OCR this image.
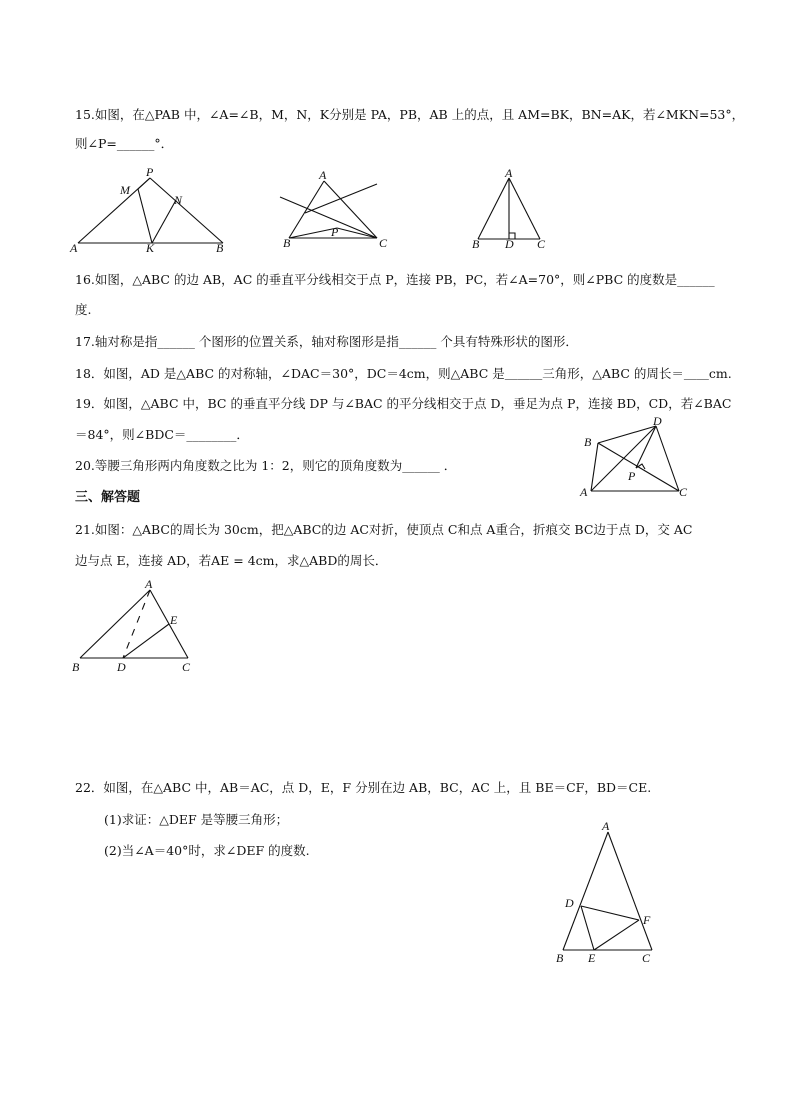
15.如图，在△PAB 中，∠A=∠B，M，N，K分别是 PA，PB，AB 上的点，且 AM=BK，BN=AK，若∠MKN=53°，
则∠P=______°．
P
M
N
A	K	B
A
B
P
C
A
B D C
16.如图，△ABC 的边 AB，AC 的垂直平分线相交于点 P，连接 PB，PC，若∠A=70°，则∠PBC 的度数是______
度.
17.轴对称是指______ 个图形的位置关系，轴对称图形是指______ 个具有特殊形状的图形．
18．如图，AD 是△ABC 的对称轴，∠DAC＝30°，DC＝4cm，则△ABC 是＿＿＿三角形，△ABC 的周长＝＿＿cm.
19．如图，△ABC 中，BC 的垂直平分线 DP 与∠BAC 的平分线相交于点 D，垂足为点 P，连接 BD，CD，若∠BAC
＝84°，则∠BDC＝________．
D
B
P
A	C
20.等腰三角形两内角度数之比为 1：2，则它的顶角度数为______ ．
三、解答题
21.如图：△ABC的周长为 30cm，把△ABC的边 AC对折，使顶点 C和点 A重合，折痕交 BC边于点 D，交 AC
边与点 E，连接 AD，若AE = 4cm，求△ABD的周长．
A
E
B	D	C
22．如图，在△ABC 中，AB＝AC，点 D，E，F 分别在边 AB，BC，AC 上，且 BE＝CF，BD＝CE.
(1)求证：△DEF 是等腰三角形；
(2)当∠A＝40°时，求∠DEF 的度数.
A
D
F
B E	C
